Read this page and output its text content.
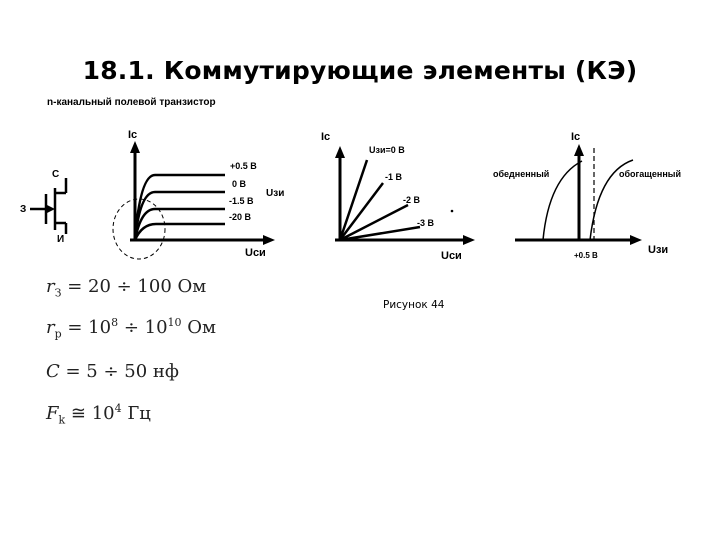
18.1. Коммутирующие элементы (КЭ)
n-канальный полевой транзистор
С
З
И
Ic
+0.5 В
0 В
-1.5 В
-20 В
Uзи
Uси
Ic
Uзи=0 В
-1 В
-2 В
-3 В
Uси
Ic
обедненный	обогащенный
+0.5 В	Uзи
Рисунок 44
$r_З = 20 \div 100$ Ом
$r_p = 10^8 \div 10^{10}$ Ом
C = 5 ÷ 50 нф
$F_k$ ≅ $10^4$ Гц
